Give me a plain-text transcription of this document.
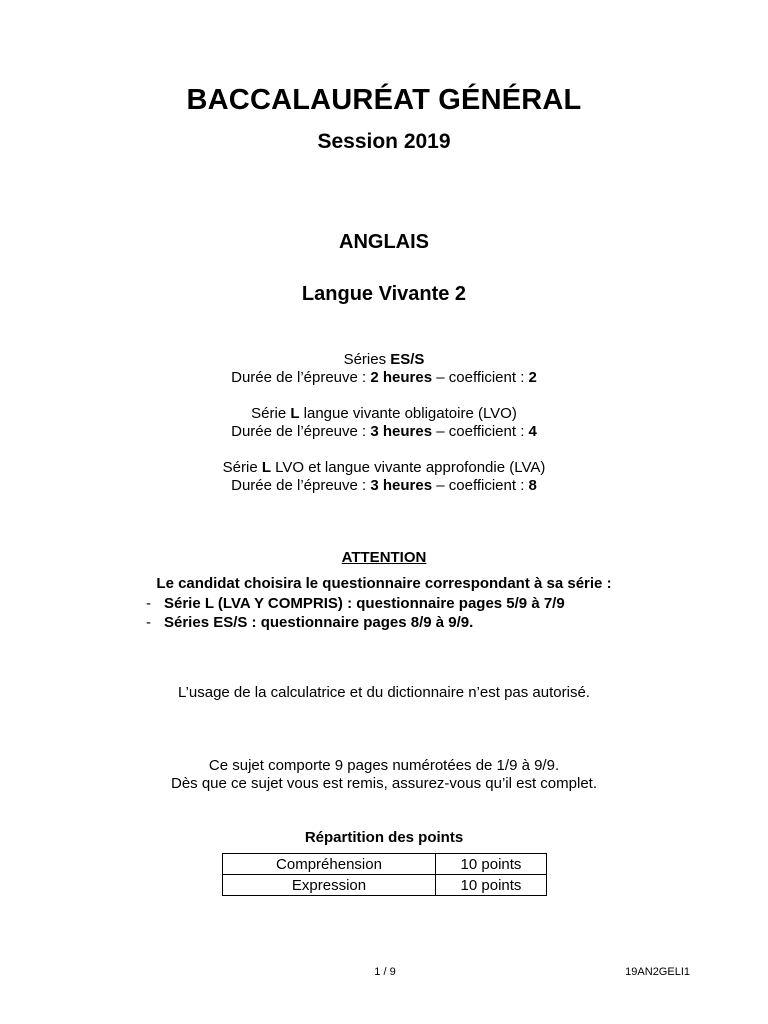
BACCALAURÉAT GÉNÉRAL
Session 2019
ANGLAIS
Langue Vivante 2
Séries ES/S
Durée de l’épreuve : 2 heures – coefficient : 2
Série L langue vivante obligatoire (LVO)
Durée de l’épreuve : 3 heures – coefficient : 4
Série L LVO et langue vivante approfondie (LVA)
Durée de l’épreuve : 3 heures – coefficient : 8
ATTENTION
Le candidat choisira le questionnaire correspondant à sa série :
- Série L (LVA Y COMPRIS) : questionnaire pages 5/9 à 7/9
- Séries ES/S : questionnaire pages 8/9 à 9/9.
L’usage de la calculatrice et du dictionnaire n’est pas autorisé.
Ce sujet comporte 9 pages numérotées de 1/9 à 9/9.
Dès que ce sujet vous est remis, assurez-vous qu’il est complet.
Répartition des points
Compréhension	10 points
Expression	10 points
1 / 9	19AN2GELI1
